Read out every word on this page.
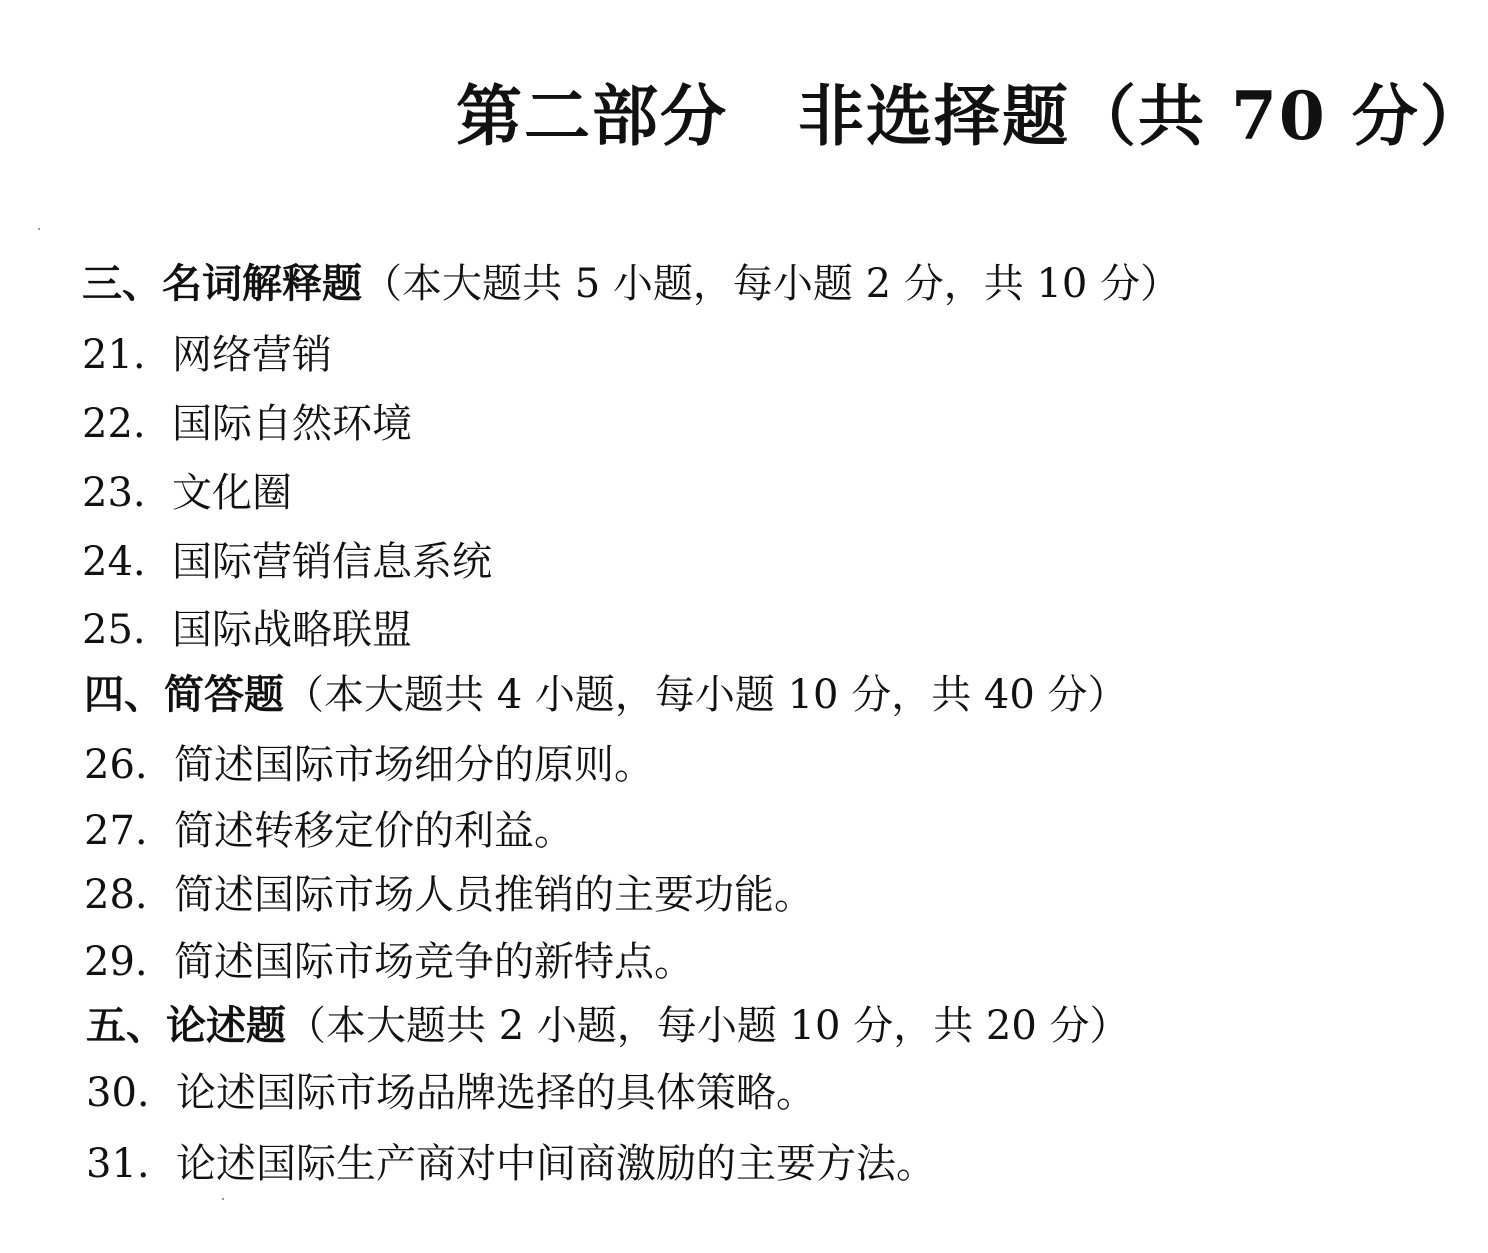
第二部分 非选择题（共 70 分）
三、名词解释题（本大题共 5 小题，每小题 2 分，共 10 分）
21. 网络营销
22. 国际自然环境
23. 文化圈
24. 国际营销信息系统
25. 国际战略联盟
四、简答题（本大题共 4 小题，每小题 10 分，共 40 分）
26. 简述国际市场细分的原则。
27. 简述转移定价的利益。
28. 简述国际市场人员推销的主要功能。
29. 简述国际市场竞争的新特点。
五、论述题（本大题共 2 小题，每小题 10 分，共 20 分）
30. 论述国际市场品牌选择的具体策略。
31. 论述国际生产商对中间商激励的主要方法。
